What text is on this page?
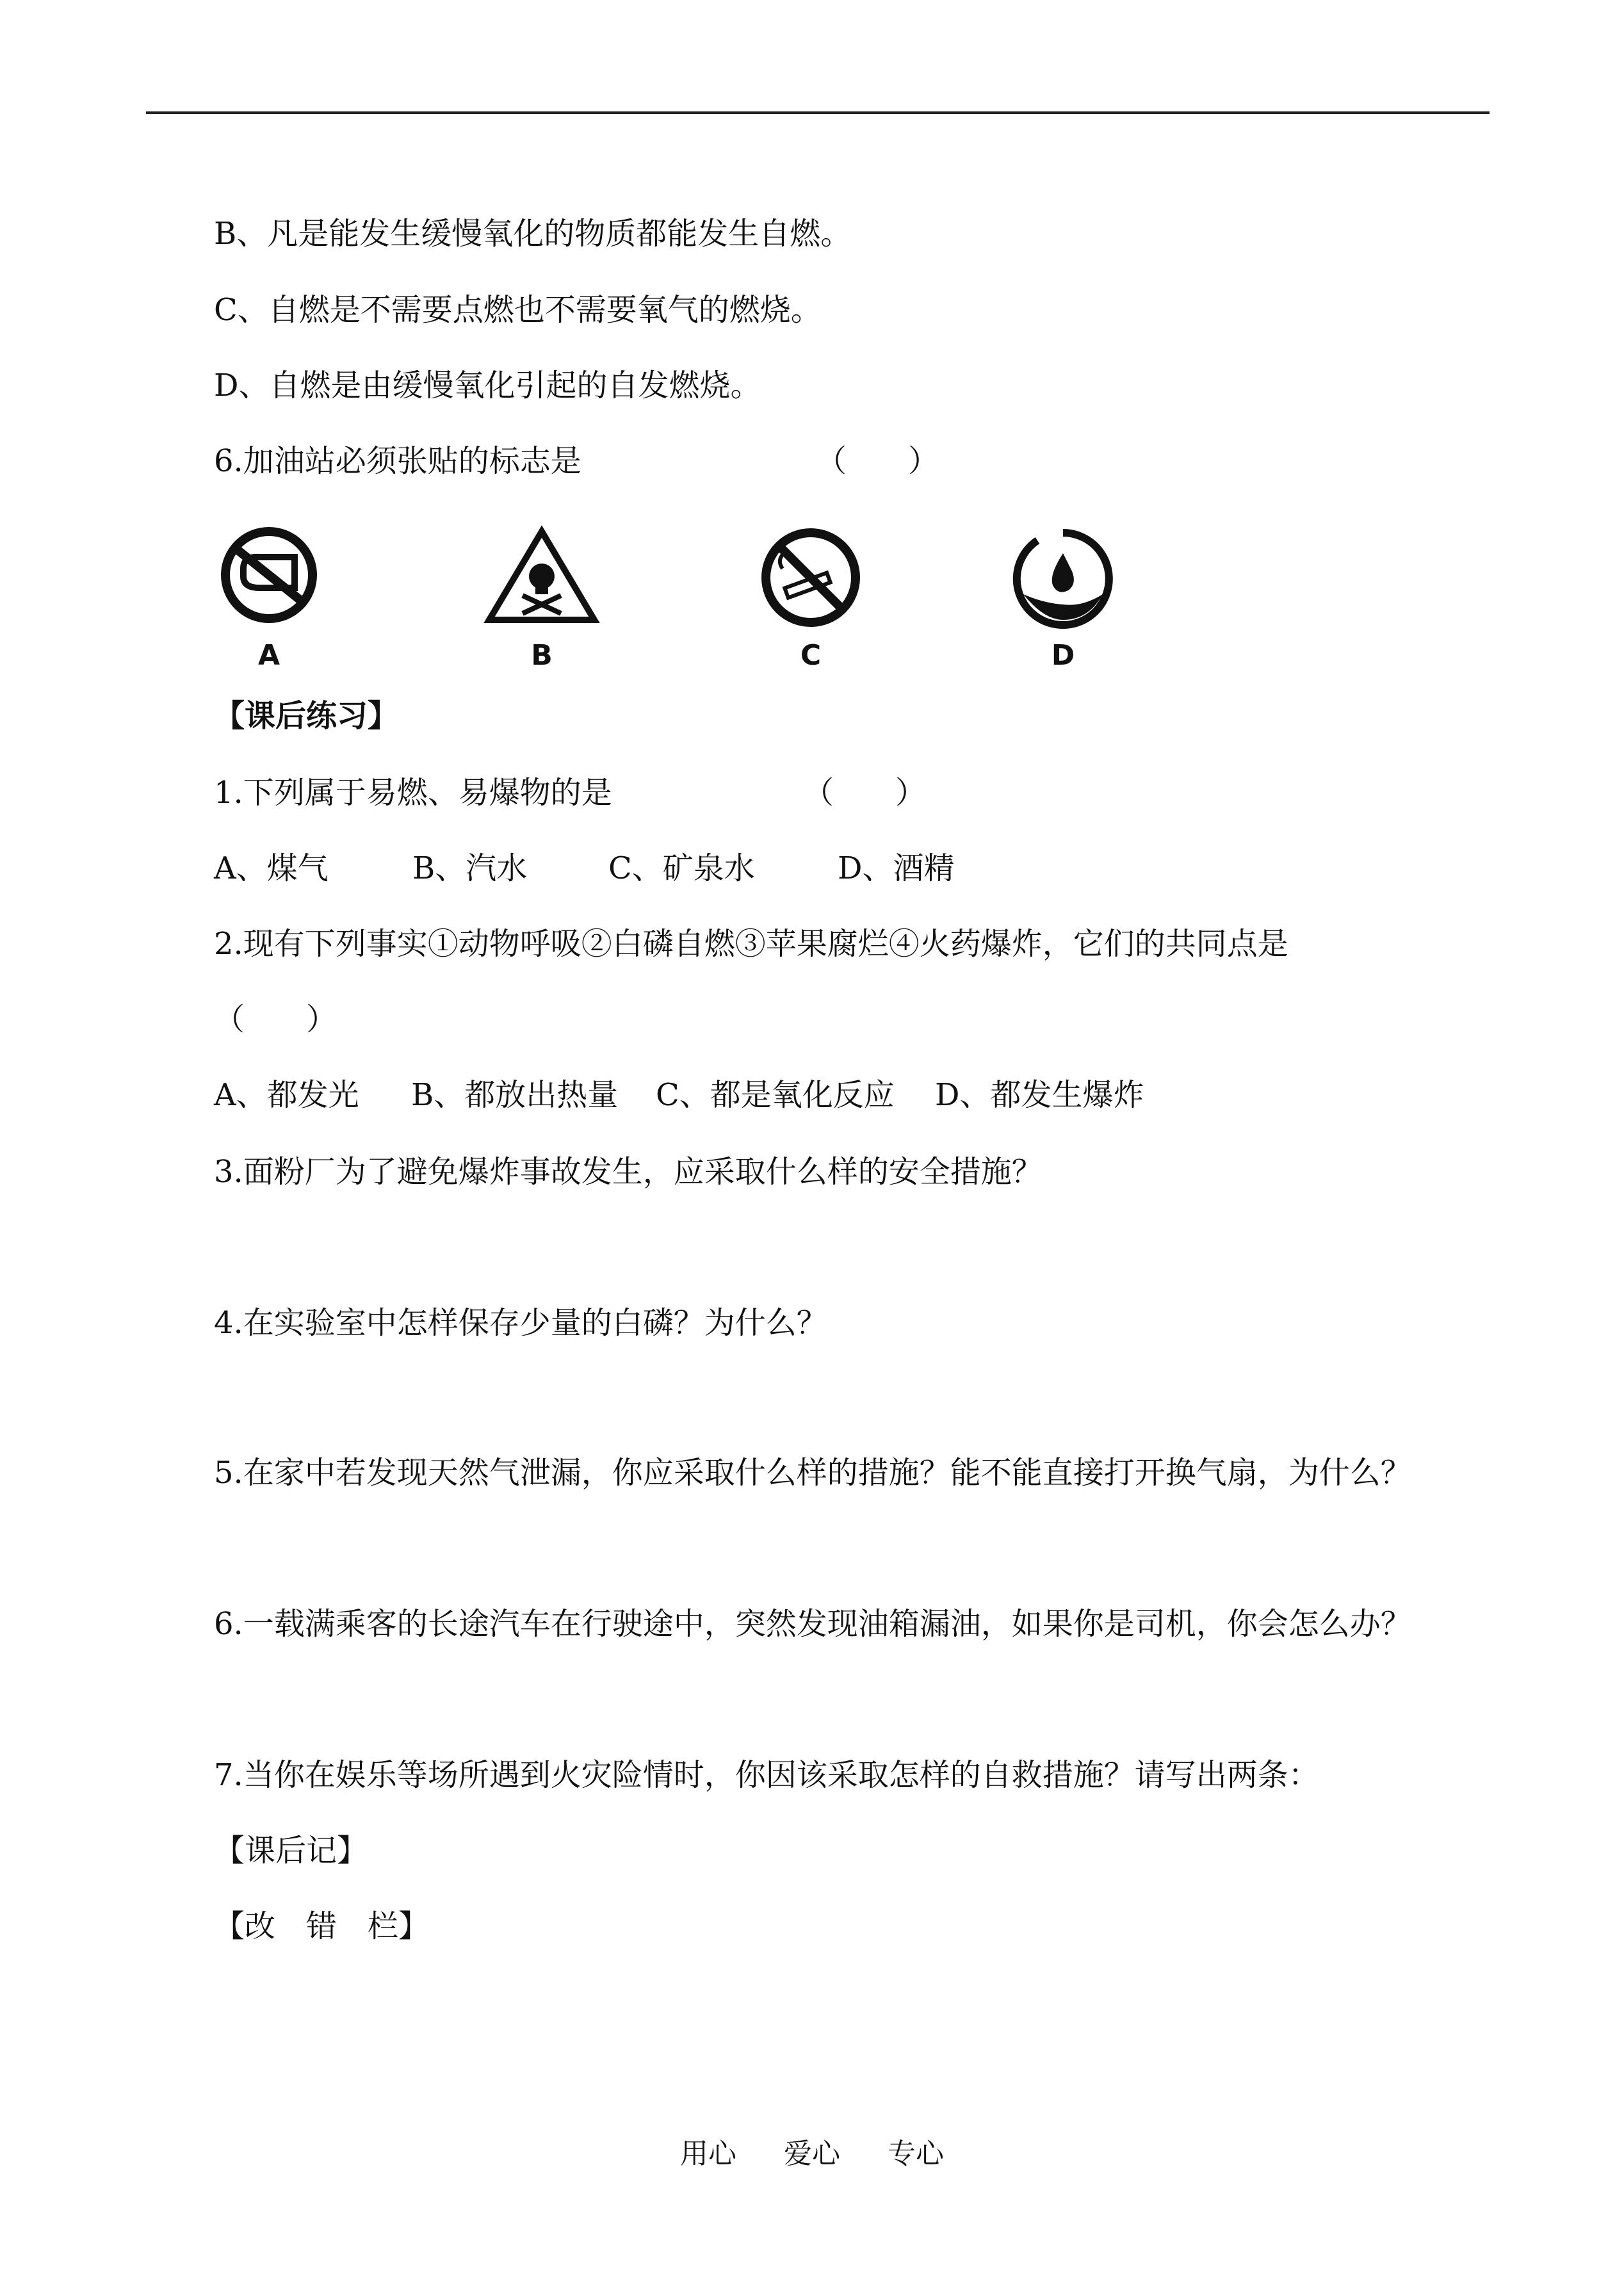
B、凡是能发生缓慢氧化的物质都能发生自燃。
C、自燃是不需要点燃也不需要氧气的燃烧。
D、自燃是由缓慢氧化引起的自发燃烧。
6.加油站必须张贴的标志是	（　　）
A	B	C	D
【课后练习】
1.下列属于易燃、易爆物的是	（　　）
A、煤气	B、汽水	C、矿泉水	D、酒精
2.现有下列事实①动物呼吸②白磷自燃③苹果腐烂④火药爆炸，它们的共同点是
（　　）
A、都发光 B、都放出热量 C、都是氧化反应 D、都发生爆炸
3.面粉厂为了避免爆炸事故发生，应采取什么样的安全措施？
4.在实验室中怎样保存少量的白磷？为什么？
5.在家中若发现天然气泄漏，你应采取什么样的措施？能不能直接打开换气扇，为什么？
6.一载满乘客的长途汽车在行驶途中，突然发现油箱漏油，如果你是司机，你会怎么办？
7.当你在娱乐等场所遇到火灾险情时，你因该采取怎样的自救措施？请写出两条：
【课后记】
【改　错　栏】
用心 爱心 专心
